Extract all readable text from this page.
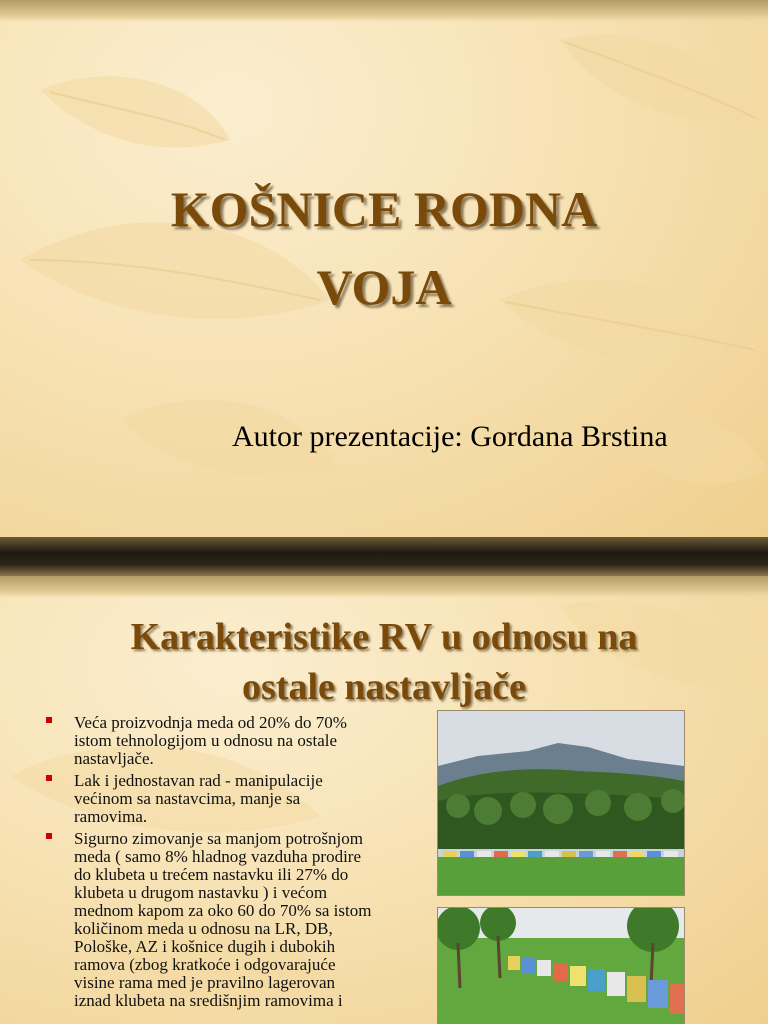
KOŠNICE RODNA
VOJA
Autor prezentacije: Gordana Brstina
Karakteristike RV u odnosu na
ostale nastavljače
Veća proizvodnja meda od 20% do 70% istom tehnologijom u odnosu na ostale nastavljače.
Lak i jednostavan rad - manipulacije većinom sa nastavcima, manje sa ramovima.
Sigurno zimovanje sa manjom potrošnjom meda ( samo 8% hladnog vazduha prodire do klubeta u trećem nastavku ili 27% do klubeta u drugom nastavku ) i većom mednom kapom za oko 60 do 70% sa istom količinom meda u odnosu na LR, DB, Pološke, AZ i košnice dugih i dubokih ramova (zbog kratkoće i odgovarajuće visine rama med je pravilno lagerovan iznad klubeta na središnjim ramovima i
